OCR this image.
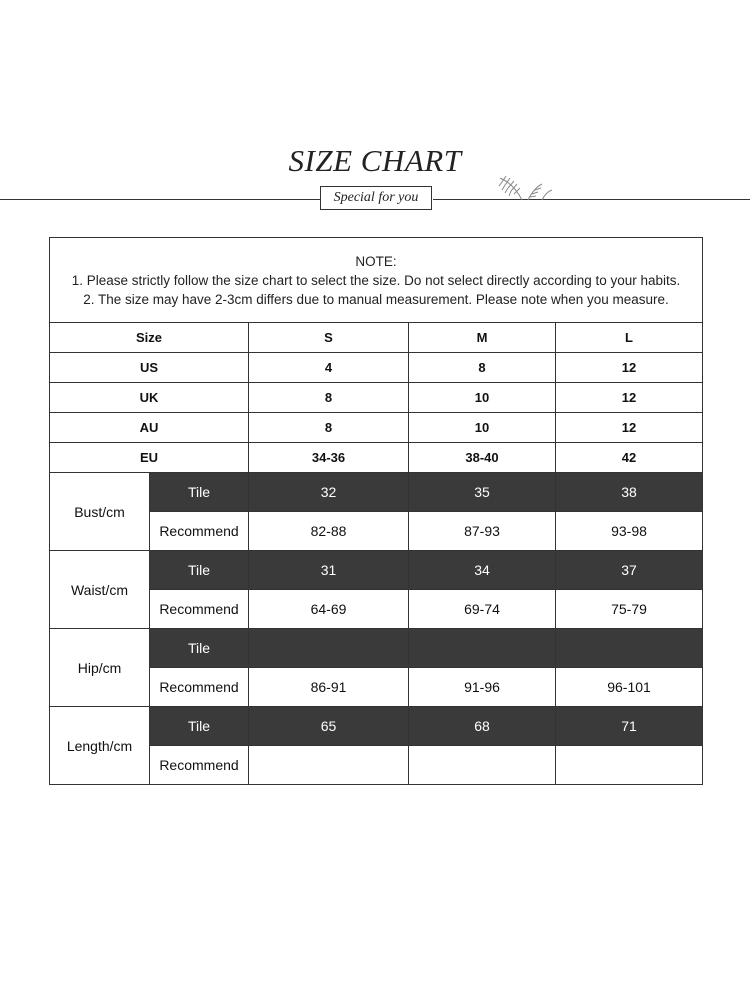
SIZE CHART
Special for you
NOTE:
1. Please strictly follow the size chart to select the size. Do not select directly according to your habits.
2. The size may have 2-3cm differs due to manual measurement. Please note when you measure.				

Size		S	M	L
US		4	8	12
UK		8	10	12
AU		8	10	12
EU		34-36	38-40	42
Bust/cm	Tile	32	35	38
	Recommend	82-88	87-93	93-98
Waist/cm	Tile	31	34	37
	Recommend	64-69	69-74	75-79
Hip/cm	Tile			
	Recommend	86-91	91-96	96-101
Length/cm	Tile	65	68	71
	Recommend			
